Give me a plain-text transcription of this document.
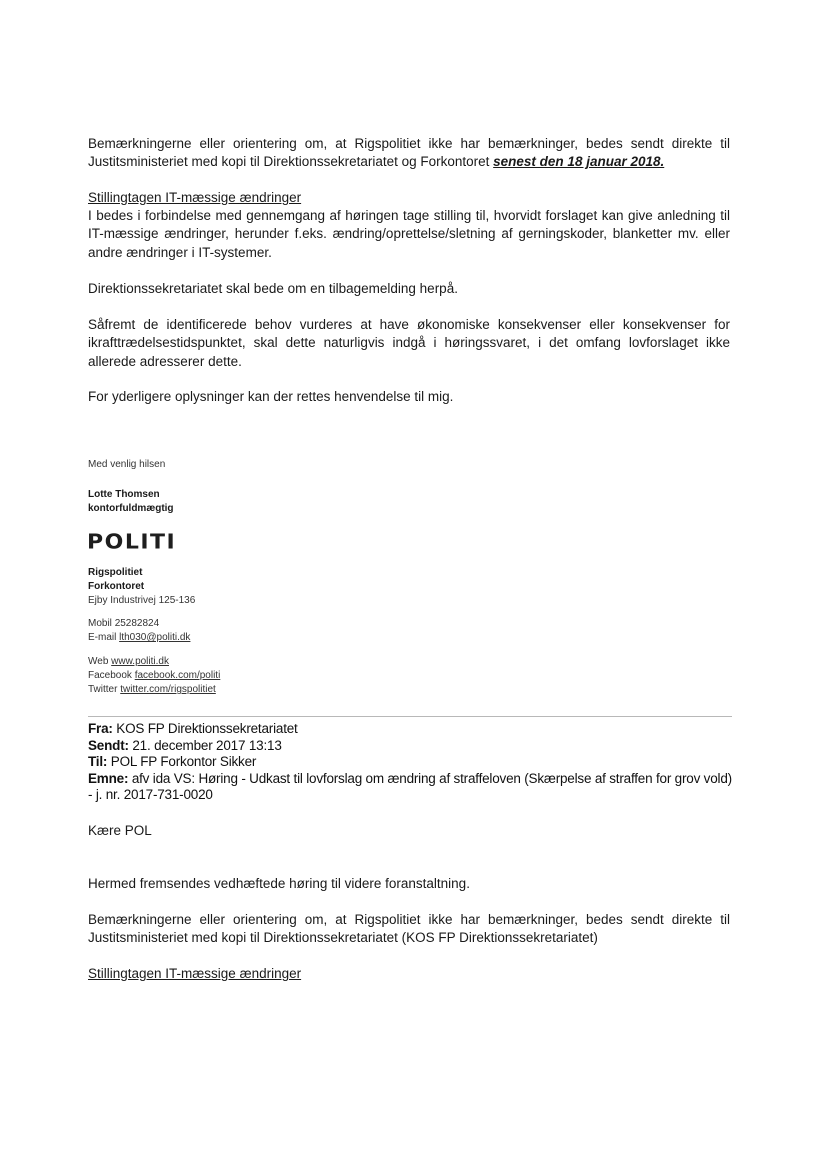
Bemærkningerne eller orientering om, at Rigspolitiet ikke har bemærkninger, bedes sendt direkte til Justitsministeriet med kopi til Direktionssekretariatet og Forkontoret senest den 18 januar 2018.
Stillingtagen IT-mæssige ændringer
I bedes i forbindelse med gennemgang af høringen tage stilling til, hvorvidt forslaget kan give anledning til IT-mæssige ændringer, herunder f.eks. ændring/oprettelse/sletning af gerningskoder, blanketter mv. eller andre ændringer i IT-systemer.
Direktionssekretariatet skal bede om en tilbagemelding herpå.
Såfremt de identificerede behov vurderes at have økonomiske konsekvenser eller konsekvenser for ikrafttrædelsestidspunktet, skal dette naturligvis indgå i høringssvaret, i det omfang lovforslaget ikke allerede adresserer dette.
For yderligere oplysninger kan der rettes henvendelse til mig.
Med venlig hilsen
Lotte Thomsen
kontorfuldmægtig
POLITI
Rigspolitiet
Forkontoret
Ejby Industrivej 125-136
Mobil 25282824
E-mail lth030@politi.dk
Web www.politi.dk
Facebook facebook.com/politi
Twitter twitter.com/rigspolitiet
Fra: KOS FP Direktionssekretariatet
Sendt: 21. december 2017 13:13
Til: POL FP Forkontor Sikker
Emne: afv ida VS: Høring - Udkast til lovforslag om ændring af straffeloven (Skærpelse af straffen for grov vold) - j. nr. 2017-731-0020
Kære POL
Hermed fremsendes vedhæftede høring til videre foranstaltning.
Bemærkningerne eller orientering om, at Rigspolitiet ikke har bemærkninger, bedes sendt direkte til Justitsministeriet med kopi til Direktionssekretariatet (KOS FP Direktionssekretariatet)
Stillingtagen IT-mæssige ændringer
